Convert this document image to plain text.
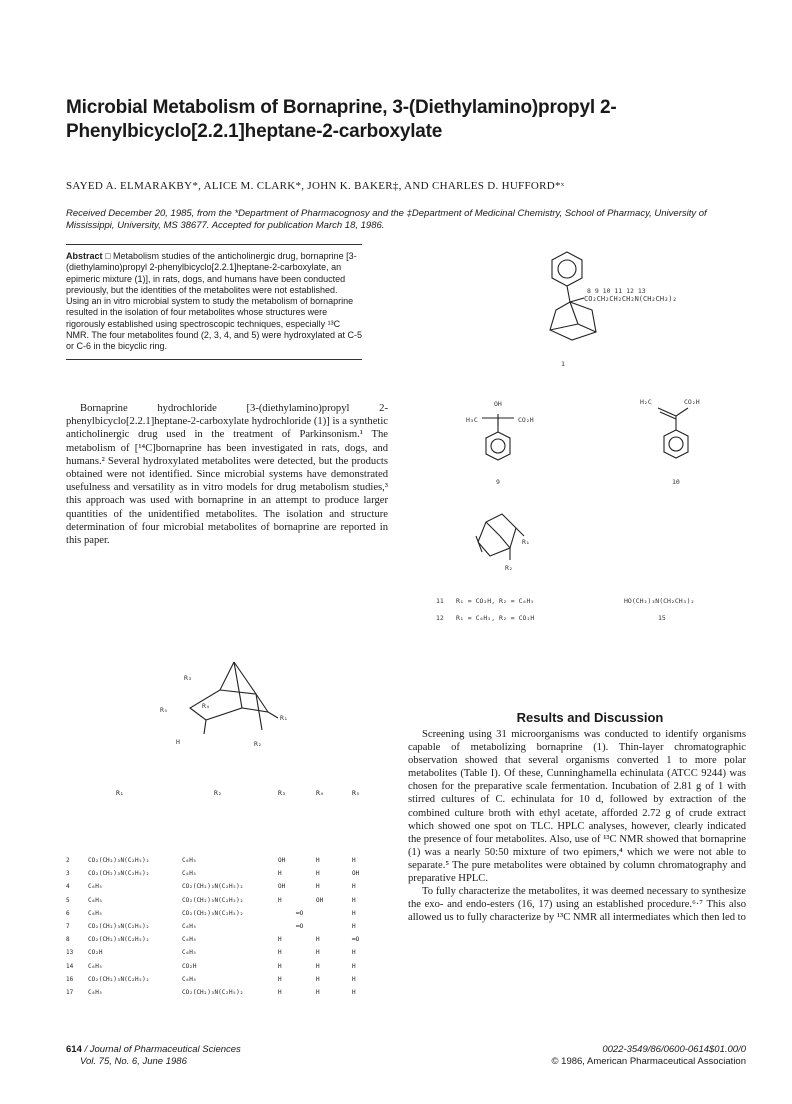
Microbial Metabolism of Bornaprine, 3-(Diethylamino)propyl 2-Phenylbicyclo[2.2.1]heptane-2-carboxylate
SAYED A. ELMARAKBY*, ALICE M. CLARK*, JOHN K. BAKER‡, AND CHARLES D. HUFFORD*ˣ
Received December 20, 1985, from the *Department of Pharmacognosy and the ‡Department of Medicinal Chemistry, School of Pharmacy, University of Mississippi, University, MS 38677. Accepted for publication March 18, 1986.
Abstract □ Metabolism studies of the anticholinergic drug, bornaprine [3-(diethylamino)propyl 2-phenylbicyclo[2.2.1]heptane-2-carboxylate, an epimeric mixture (1)], in rats, dogs, and humans have been conducted previously, but the identities of the metabolites were not established. Using an in vitro microbial system to study the metabolism of bornaprine resulted in the isolation of four metabolites whose structures were rigorously established using spectroscopic techniques, especially ¹³C NMR. The four metabolites found (2, 3, 4, and 5) were hydroxylated at C-5 or C-6 in the bicyclic ring.
8 9 10 11 12 13
CO₂CH₂CH₂CH₂N(CH₂CH₃)₂
1
OH
H₃C	CO₂H
9
H₂C	CO₂H
10
R₁
R₂
11 R₁ = CO₂H, R₂ = C₆H₅
12 R₁ = C₆H₅, R₂ = CO₂H
HO(CH₂)₃N(CH₂CH₃)₂
15
Bornaprine hydrochloride [3-(diethylamino)propyl 2-phenylbicyclo[2.2.1]heptane-2-carboxylate hydrochloride (1)] is a synthetic anticholinergic drug used in the treatment of Parkinsonism.¹ The metabolism of [¹⁴C]bornaprine has been investigated in rats, dogs, and humans.² Several hydroxylated metabolites were detected, but the products obtained were not identified. Since microbial systems have demonstrated usefulness and versatility as in vitro models for drug metabolism studies,³ this approach was used with bornaprine in an attempt to produce larger quantities of the unidentified metabolites. The isolation and structure determination of four microbial metabolites of bornaprine are reported in this paper.
R₃
R₅	R₄
R₁
R₂
H
	R₁	R₂	R₃	R₄	R₅

2	CO₂(CH₂)₃N(C₂H₅)₂	C₆H₅	OH	H	H
3	CO₂(CH₂)₃N(C₂H₅)₂	C₆H₅	H	H	OH
4	C₆H₅	CO₂(CH₂)₃N(C₂H₅)₂	OH	H	H
5	C₆H₅	CO₂(CH₂)₃N(C₂H₅)₂	H	OH	H
6	C₆H₅	CO₂(CH₂)₃N(C₂H₅)₂	═O		H
7	CO₂(CH₂)₃N(C₂H₅)₂	C₆H₅	═O		H
8	CO₂(CH₂)₃N(C₂H₅)₂	C₆H₅	H	H	═O
13	CO₂H	C₆H₅	H	H	H
14	C₆H₅	CO₂H	H	H	H
16	CO₂(CH₂)₃N(C₂H₅)₂	C₆H₅	H	H	H
17	C₆H₅	CO₂(CH₂)₃N(C₂H₅)₂	H	H	H
Results and Discussion

Screening using 31 microorganisms was conducted to identify organisms capable of metabolizing bornaprine (1). Thin-layer chromatographic observation showed that several organisms converted 1 to more polar metabolites (Table I). Of these, Cunninghamella echinulata (ATCC 9244) was chosen for the preparative scale fermentation. Incubation of 2.81 g of 1 with stirred cultures of C. echinulata for 10 d, followed by extraction of the combined culture broth with ethyl acetate, afforded 2.72 g of crude extract which showed one spot on TLC. HPLC analyses, however, clearly indicated the presence of four metabolites. Also, use of ¹³C NMR showed that bornaprine (1) was a nearly 50:50 mixture of two epimers,⁴ which we were not able to separate.⁵ The pure metabolites were obtained by column chromatography and preparative HPLC.

To fully characterize the metabolites, it was deemed necessary to synthesize the exo- and endo-esters (16, 17) using an established procedure.⁶·⁷ This also allowed us to fully characterize by ¹³C NMR all intermediates which then led to

614 / Journal of Pharmaceutical Sciences
Vol. 75, No. 6, June 1986
0022-3549/86/0600-0614$01.00/0
© 1986, American Pharmaceutical Association
